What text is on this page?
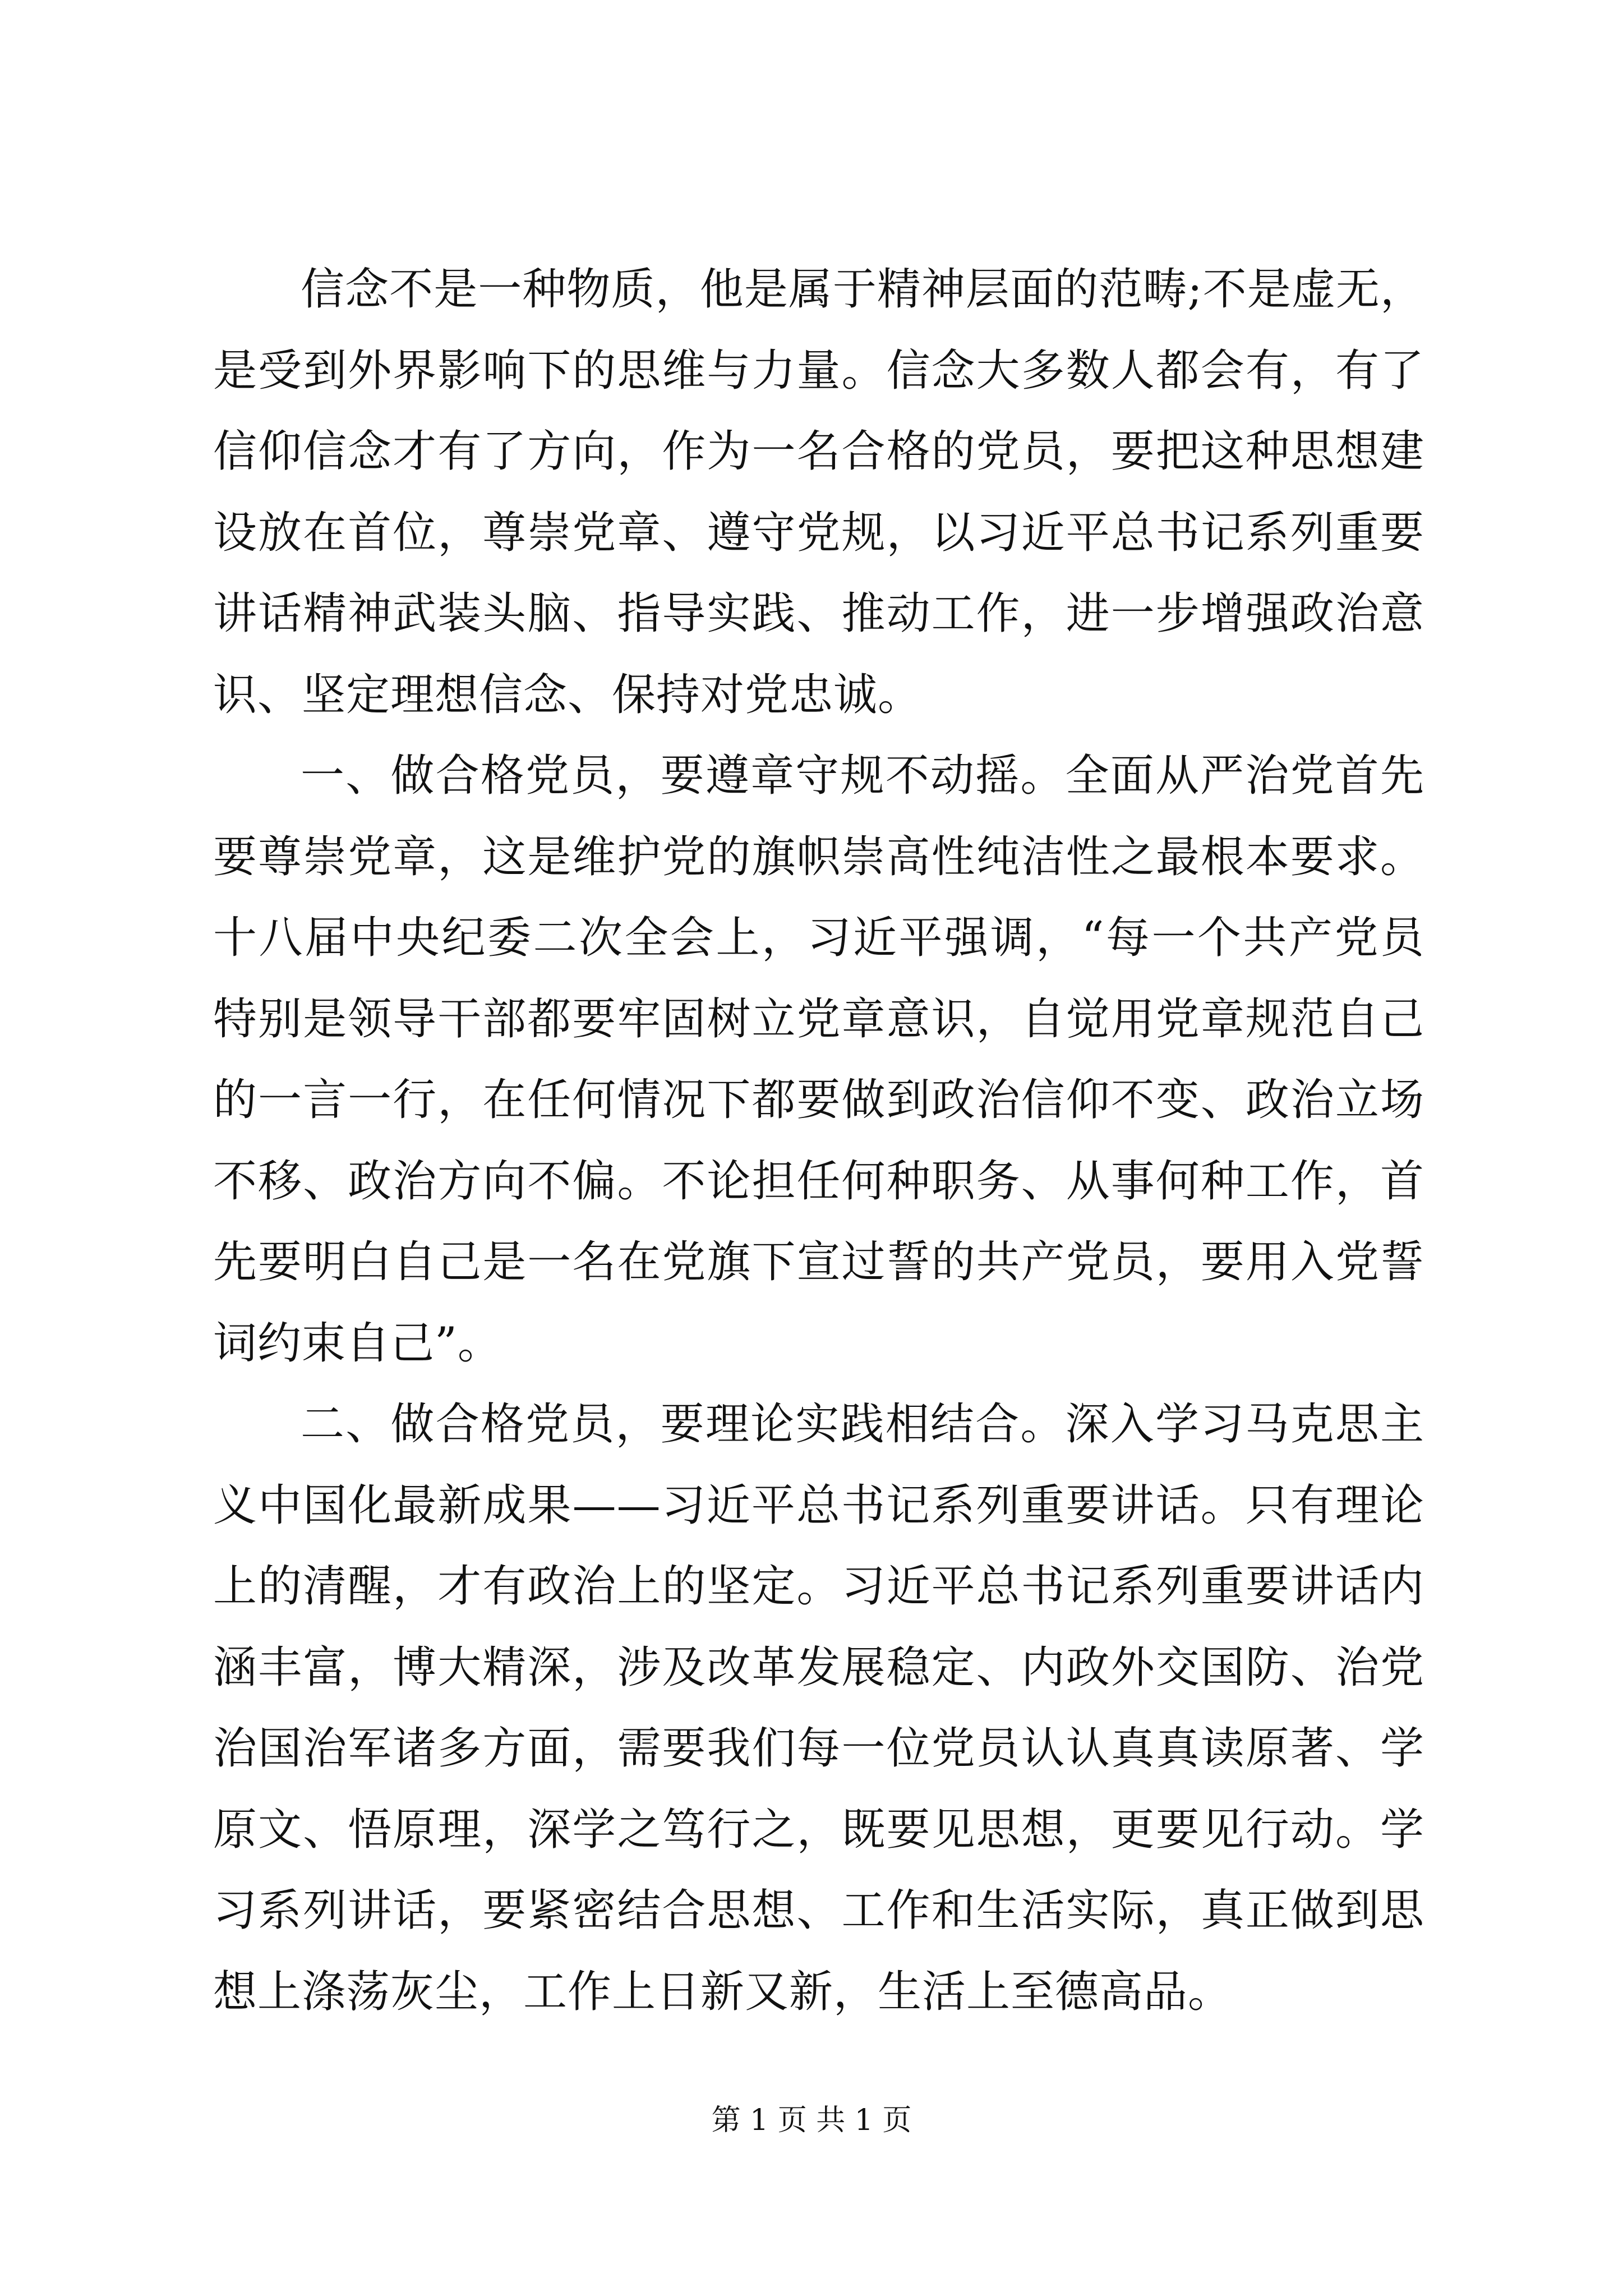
信念不是一种物质，他是属于精神层面的范畴;不是虚无，是受到外界影响下的思维与力量。信念大多数人都会有，有了信仰信念才有了方向，作为一名合格的党员，要把这种思想建设放在首位，尊崇党章、遵守党规，以习近平总书记系列重要讲话精神武装头脑、指导实践、推动工作，进一步增强政治意识、坚定理想信念、保持对党忠诚。

一、做合格党员，要遵章守规不动摇。全面从严治党首先要尊崇党章，这是维护党的旗帜崇高性纯洁性之最根本要求。十八届中央纪委二次全会上，习近平强调，“每一个共产党员特别是领导干部都要牢固树立党章意识，自觉用党章规范自己的一言一行，在任何情况下都要做到政治信仰不变、政治立场不移、政治方向不偏。不论担任何种职务、从事何种工作，首先要明白自己是一名在党旗下宣过誓的共产党员，要用入党誓词约束自己”。

二、做合格党员，要理论实践相结合。深入学习马克思主义中国化最新成果——习近平总书记系列重要讲话。只有理论上的清醒，才有政治上的坚定。习近平总书记系列重要讲话内涵丰富，博大精深，涉及改革发展稳定、内政外交国防、治党治国治军诸多方面，需要我们每一位党员认认真真读原著、学原文、悟原理，深学之笃行之，既要见思想，更要见行动。学习系列讲话，要紧密结合思想、工作和生活实际，真正做到思想上涤荡灰尘，工作上日新又新，生活上至德高品。

第 1 页 共 1 页
